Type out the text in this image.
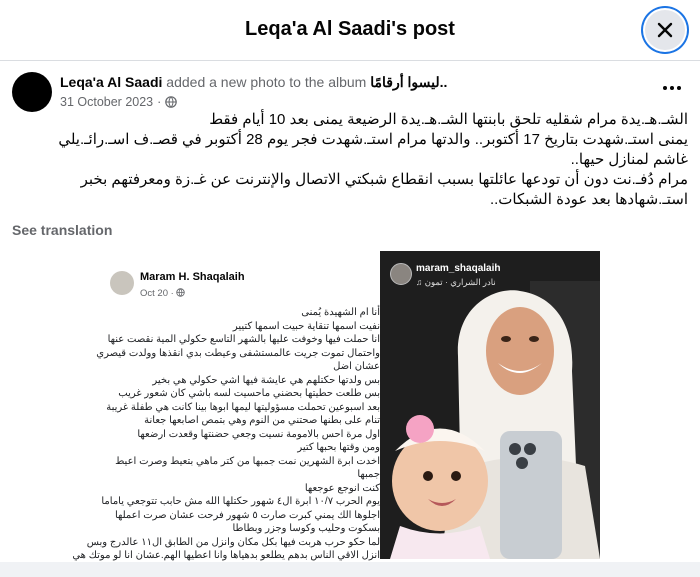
Leqa'a Al Saadi's post
Leqa'a Al Saadi added a new photo to the album ليسوا أرقامًا..
31 October 2023 ·
الشـ.هـ.يدة مرام شقليه تلحق بابنتها الشـ.هـ.يدة الرضيعة يمنى بعد 10 أيام فقط
يمنى استـ.شهدت بتاريخ 17 أكتوبر.. والدتها مرام استـ.شهدت فجر يوم 28 أكتوبر في قصـ.ف اسـ.رائـ.يلي
غاشم لمنازل حيها..
مرام دُفـ.نت دون أن تودعها عائلتها بسبب انقطاع شبكتي الاتصال والإنترنت عن غـ.زة ومعرفتهم بخبر
استـ.شهادها بعد عودة الشبكات..
See translation
Maram H. Shaqalaih
Oct 20 ·
أنا ام الشهيدة يُمنى
نفيت اسمها تنقاية حبيت اسمها كتيير
انا حملت فيها وخوفت عليها بالشهر التاسع حكولي المية نقصت عنها
واحتمال تموت جريت عالمستشفى وعيطت بدي انقذها وولدت قيصري
عشان اضل
بس ولدتها حكتلهم هي عايشة فيها اشي حكولي هي بخير
بس طلعت حطيتها بحضني ماحسيت لسه باشي كان شعور غريب
بعد اسبوعين تحملت مسؤوليتها ليمها ابوها بينا كانت هي طفلة غريبة
تنام على بطنها صحتني من النوم وهي بتمص اصابعها جعانة
اول مرة احس بالامومة نسيت وجعي حضنتها وقعدت ارضعها
ومن وقتها بحبها كتير
اخدت ابرة الشهرين نمت جمبها من كتر ماهي بتعيط وصرت اعيط
جمبها
كنت انوجع عوجعها
يوم الحرب ١٠/٧ ابرة ال٤ شهور حكتلها الله مش حابب تتوجعي ياماما
اجلوها الك يمني كبرت صارت ٥ شهور فرحت عشان صرت اعملها
بسكوت وحليب وكوسا وجزر وبطاطا
لما حكو حرب هربت فيها بكل مكان وانزل من الطابق ال١١ عالدرج وبس
انزل الاقي الناس بدهم يطلعو بدهياها وانا اعطيها الهم.عشان انا لو موتك هي
maram_shaqalaih
♫ نادر الشراري · تمون
